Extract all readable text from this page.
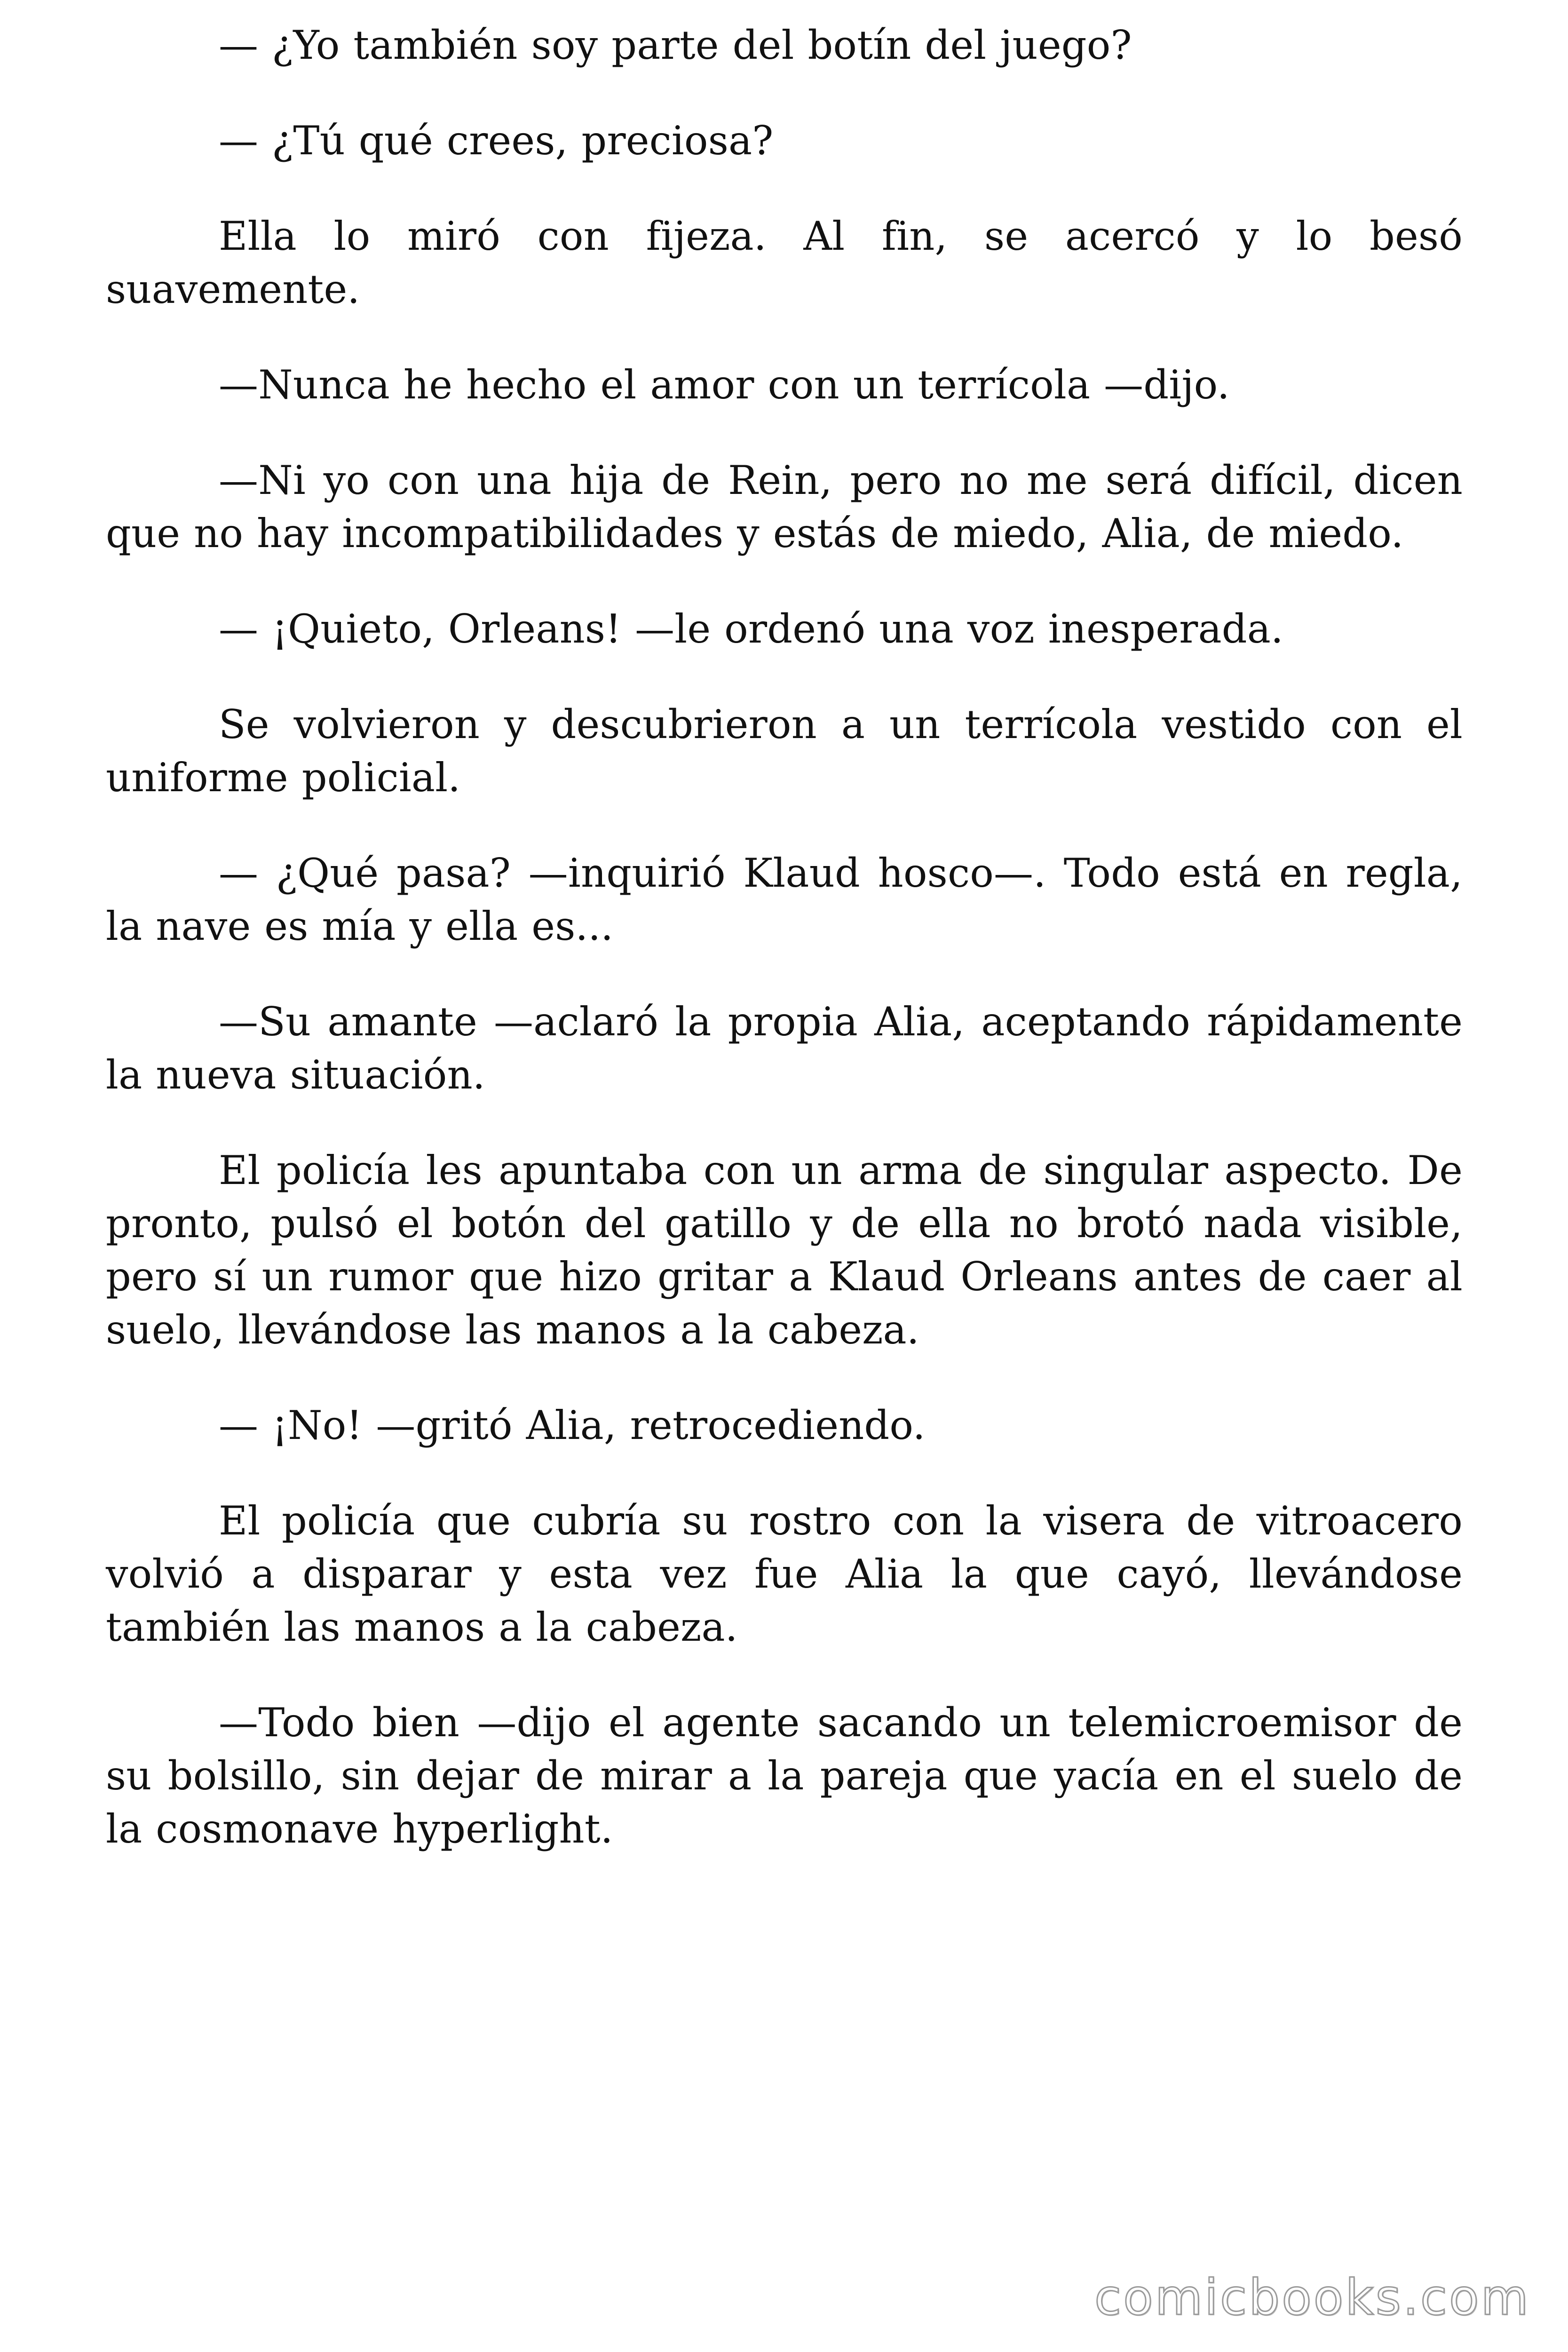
— ¿Yo también soy parte del botín del juego?

— ¿Tú qué crees, preciosa?

Ella lo miró con fijeza. Al fin, se acercó y lo besó suavemente.

—Nunca he hecho el amor con un terrícola —dijo.

—Ni yo con una hija de Rein, pero no me será difícil, dicen que no hay incompatibilidades y estás de miedo, Alia, de miedo.

— ¡Quieto, Orleans! —le ordenó una voz inesperada.

Se volvieron y descubrieron a un terrícola vestido con el uniforme policial.

— ¿Qué pasa? —inquirió Klaud hosco—. Todo está en regla, la nave es mía y ella es...

—Su amante —aclaró la propia Alia, aceptando rápidamente la nueva situación.

El policía les apuntaba con un arma de singular aspecto. De pronto, pulsó el botón del gatillo y de ella no brotó nada visible, pero sí un rumor que hizo gritar a Klaud Orleans antes de caer al suelo, llevándose las manos a la cabeza.

— ¡No! —gritó Alia, retrocediendo.

El policía que cubría su rostro con la visera de vitroacero volvió a disparar y esta vez fue Alia la que cayó, llevándose también las manos a la cabeza.

—Todo bien —dijo el agente sacando un telemicroemisor de su bolsillo, sin dejar de mirar a la pareja que yacía en el suelo de la cosmonave hyperlight.

comicbooks.com
